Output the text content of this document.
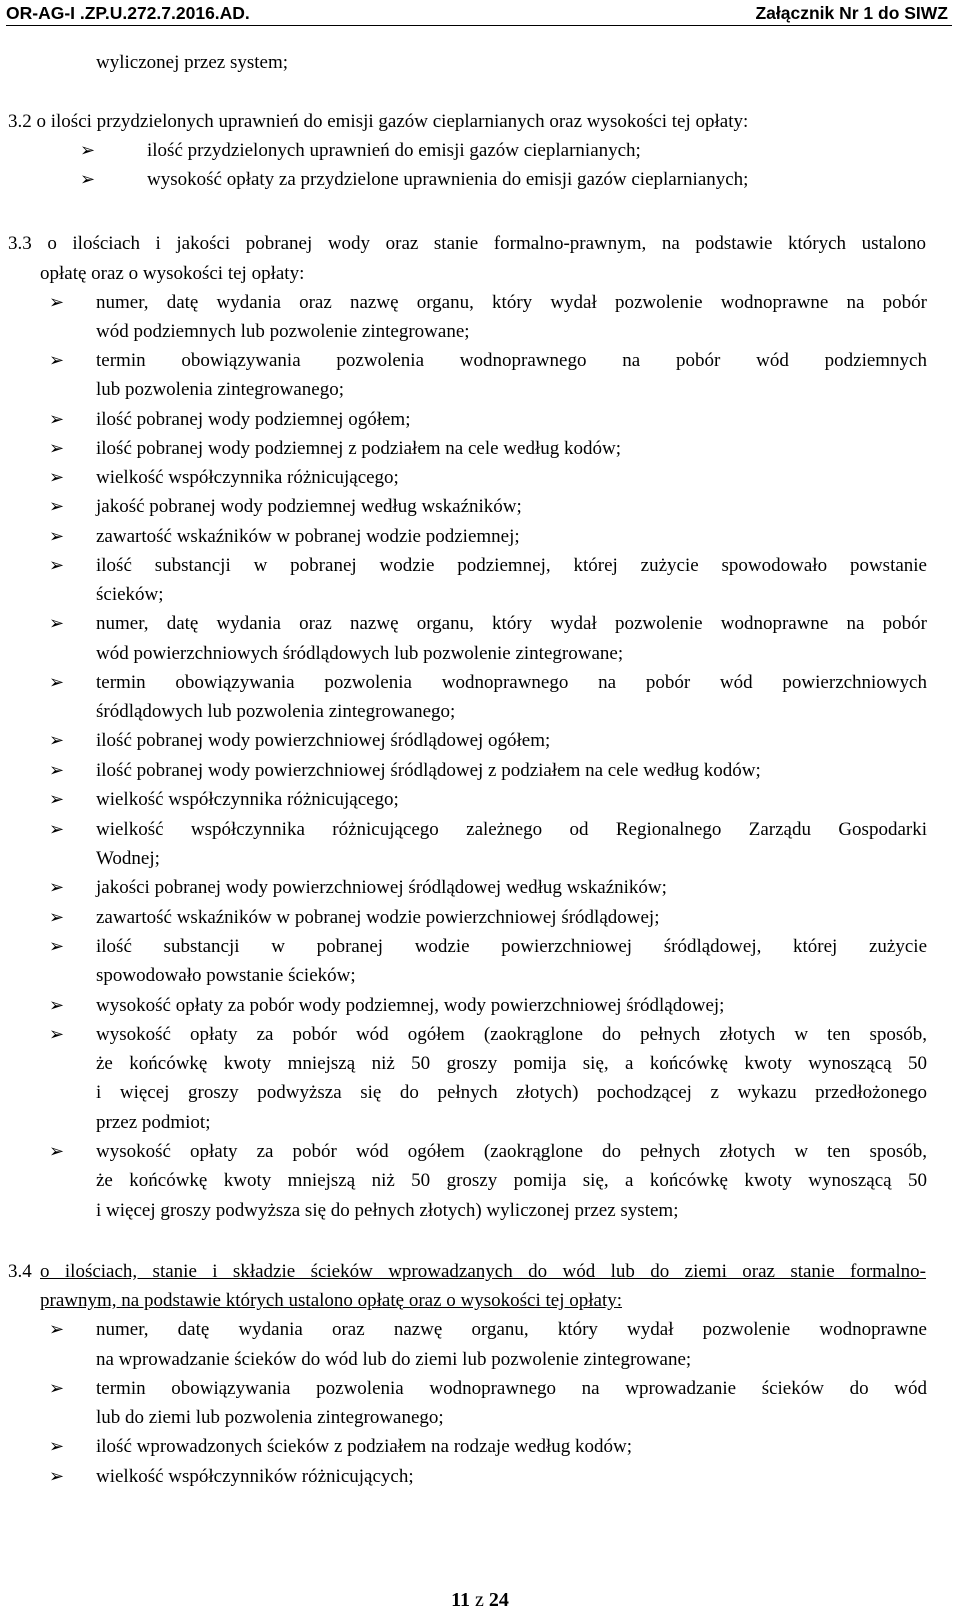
OR-AG-I .ZP.U.272.7.2016.AD.	Załącznik Nr 1 do SIWZ
wyliczonej przez system;
3.2 o ilości przydzielonych uprawnień do emisji gazów cieplarnianych oraz wysokości tej opłaty:
➢	ilość przydzielonych uprawnień do emisji gazów cieplarnianych;
➢	wysokość opłaty za przydzielone uprawnienia do emisji gazów cieplarnianych;
3.3 o ilościach i jakości pobranej wody oraz stanie formalno-prawnym, na podstawie których ustalono
opłatę oraz o wysokości tej opłaty:
➢ numer, datę wydania oraz nazwę organu, który wydał pozwolenie wodnoprawne na pobór
wód podziemnych lub pozwolenie zintegrowane;
➢ termin obowiązywania pozwolenia wodnoprawnego na pobór wód podziemnych
lub pozwolenia zintegrowanego;
➢ ilość pobranej wody podziemnej ogółem;
➢ ilość pobranej wody podziemnej z podziałem na cele według kodów;
➢ wielkość współczynnika różnicującego;
➢ jakość pobranej wody podziemnej według wskaźników;
➢ zawartość wskaźników w pobranej wodzie podziemnej;
➢ ilość substancji w pobranej wodzie podziemnej, której zużycie spowodowało powstanie
ścieków;
➢ numer, datę wydania oraz nazwę organu, który wydał pozwolenie wodnoprawne na pobór
wód powierzchniowych śródlądowych lub pozwolenie zintegrowane;
➢ termin obowiązywania pozwolenia wodnoprawnego na pobór wód powierzchniowych
śródlądowych lub pozwolenia zintegrowanego;
➢ ilość pobranej wody powierzchniowej śródlądowej ogółem;
➢ ilość pobranej wody powierzchniowej śródlądowej z podziałem na cele według kodów;
➢ wielkość współczynnika różnicującego;
➢ wielkość współczynnika różnicującego zależnego od Regionalnego Zarządu Gospodarki
Wodnej;
➢ jakości pobranej wody powierzchniowej śródlądowej według wskaźników;
➢ zawartość wskaźników w pobranej wodzie powierzchniowej śródlądowej;
➢ ilość substancji w pobranej wodzie powierzchniowej śródlądowej, której zużycie
spowodowało powstanie ścieków;
➢ wysokość opłaty za pobór wody podziemnej, wody powierzchniowej śródlądowej;
➢ wysokość opłaty za pobór wód ogółem (zaokrąglone do pełnych złotych w ten sposób,
że końcówkę kwoty mniejszą niż 50 groszy pomija się, a końcówkę kwoty wynoszącą 50
i więcej groszy podwyższa się do pełnych złotych) pochodzącej z wykazu przedłożonego
przez podmiot;
➢ wysokość opłaty za pobór wód ogółem (zaokrąglone do pełnych złotych w ten sposób,
że końcówkę kwoty mniejszą niż 50 groszy pomija się, a końcówkę kwoty wynoszącą 50
i więcej groszy podwyższa się do pełnych złotych) wyliczonej przez system;
3.4 o ilościach, stanie i składzie ścieków wprowadzanych do wód lub do ziemi oraz stanie formalno-
prawnym, na podstawie których ustalono opłatę oraz o wysokości tej opłaty:
➢ numer, datę wydania oraz nazwę organu, który wydał pozwolenie wodnoprawne
na wprowadzanie ścieków do wód lub do ziemi lub pozwolenie zintegrowane;
➢ termin obowiązywania pozwolenia wodnoprawnego na wprowadzanie ścieków do wód
lub do ziemi lub pozwolenia zintegrowanego;
➢ ilość wprowadzonych ścieków z podziałem na rodzaje według kodów;
➢ wielkość współczynników różnicujących;
11 z 24
